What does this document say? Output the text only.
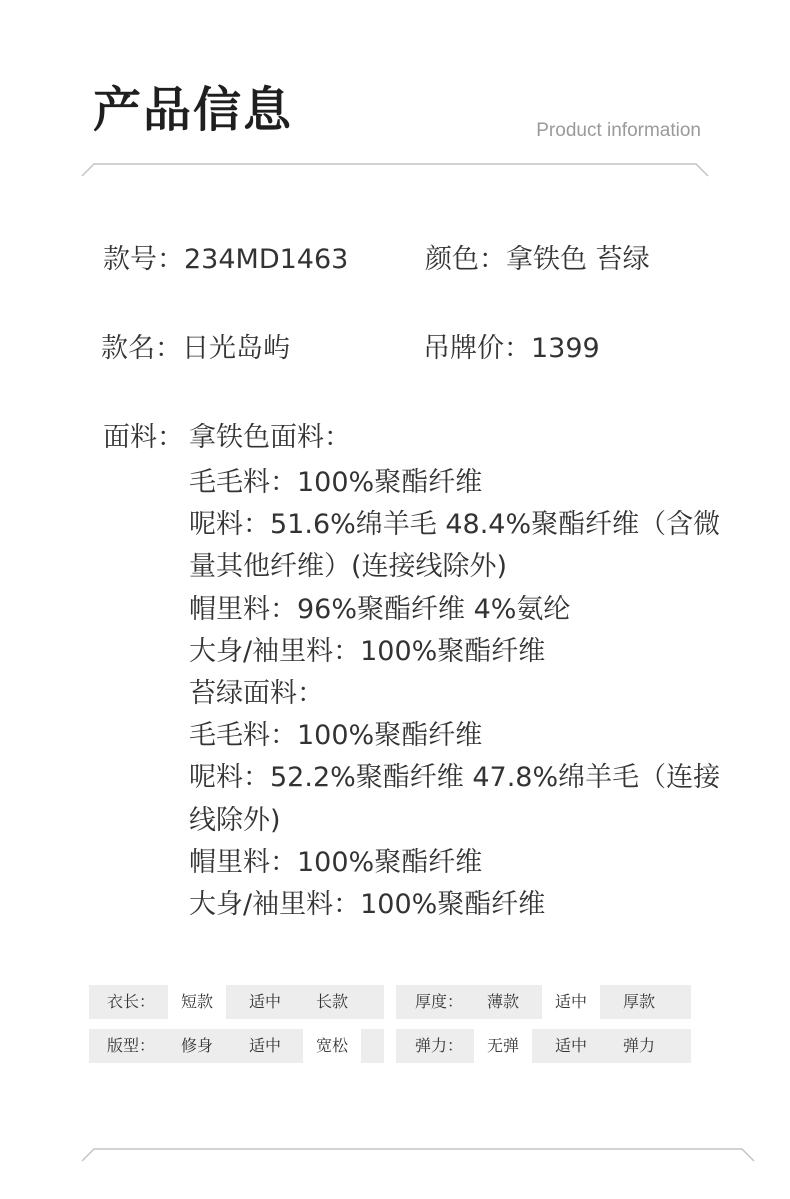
产品信息	Product information
款号：234MD1463	颜色：拿铁色 苔绿
款名：日光岛屿	吊牌价：1399
面料： 拿铁色面料：
毛毛料：100%聚酯纤维
呢料：51.6%绵羊毛 48.4%聚酯纤维（含微
量其他纤维）(连接线除外)
帽里料：96%聚酯纤维 4%氨纶
大身/袖里料：100%聚酯纤维
苔绿面料：
毛毛料：100%聚酯纤维
呢料：52.2%聚酯纤维 47.8%绵羊毛（连接
线除外)
帽里料：100%聚酯纤维
大身/袖里料：100%聚酯纤维
衣长：	短款	适中	长款	厚度：	薄款	适中	厚款
版型：	修身	适中	宽松	弹力：	无弹	适中	弹力
